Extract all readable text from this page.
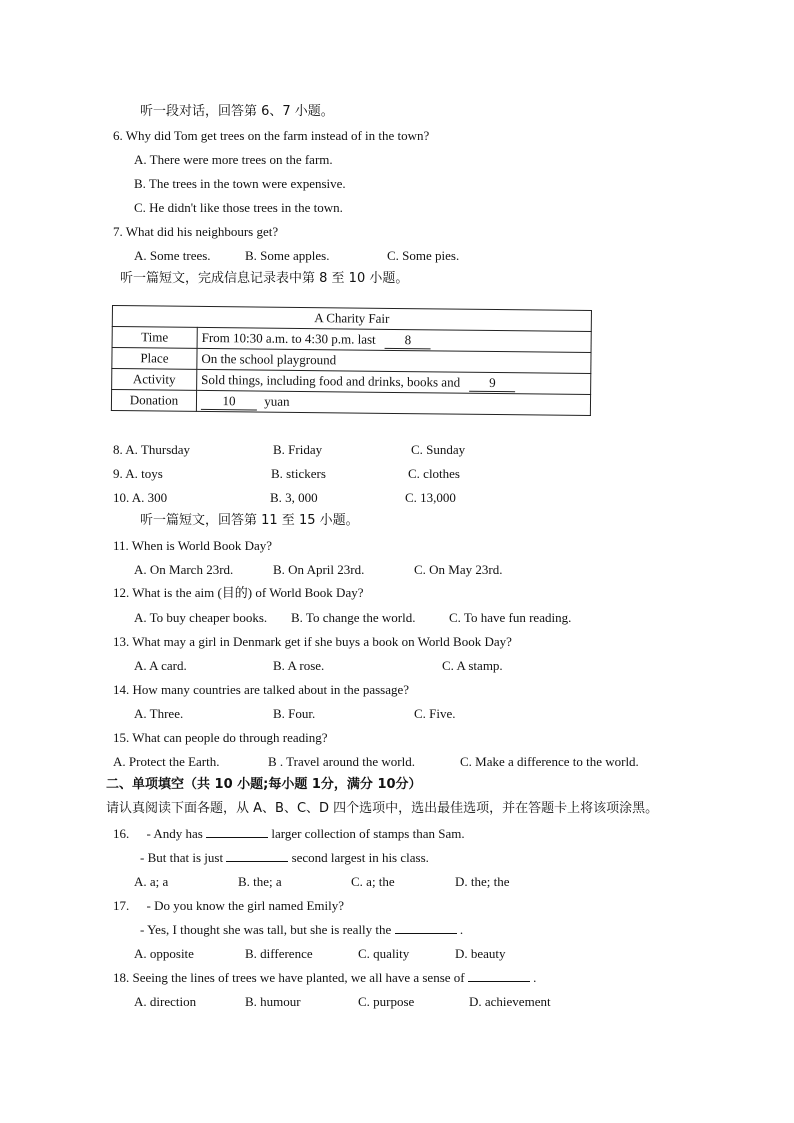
听一段对话，回答第 6、7 小题。
6. Why did Tom get trees on the farm instead of in the town?
A. There were more trees on the farm.
B. The trees in the town were expensive.
C. He didn't like those trees in the town.
7. What did his neighbours get?
A. Some trees.	B. Some apples.	C. Some pies.
听一篇短文，完成信息记录表中第 8 至 10 小题。
A Charity Fair	
Time	From 10:30 a.m. to 4:30 p.m. last 8
Place	On the school playground
Activity	Sold things, including food and drinks, books and 9
Donation	10 yuan
8. A. Thursday	B. Friday	C. Sunday
9. A. toys	B. stickers	C. clothes
10. A. 300	B. 3, 000	C. 13,000
听一篇短文，回答第 11 至 15 小题。
11. When is World Book Day?
A. On March 23rd.	B. On April 23rd.	C. On May 23rd.
12. What is the aim (目的) of World Book Day?
A. To buy cheaper books. B. To change the world.	C. To have fun reading.
13. What may a girl in Denmark get if she buys a book on World Book Day?
A. A card.	B. A rose.	C. A stamp.
14. How many countries are talked about in the passage?
A. Three.	B. Four.	C. Five.
15. What can people do through reading?
A. Protect the Earth.	B . Travel around the world.	C. Make a difference to the world.
二、单项填空（共 10 小题;每小题 1分，满分 10分）
请认真阅读下面各题，从 A、B、C、D 四个选项中，选出最佳选项，并在答题卡上将该项涂黑。
16. - Andy has	larger collection of stamps than Sam.
- But that is just	second largest in his class.
A. a; a	B. the; a	C. a; the	D. the; the
17. - Do you know the girl named Emily?
- Yes, I thought she was tall, but she is really the	.
A. opposite	B. difference	C. quality	D. beauty
18. Seeing the lines of trees we have planted, we all have a sense of	.
A. direction	B. humour	C. purpose	D. achievement
